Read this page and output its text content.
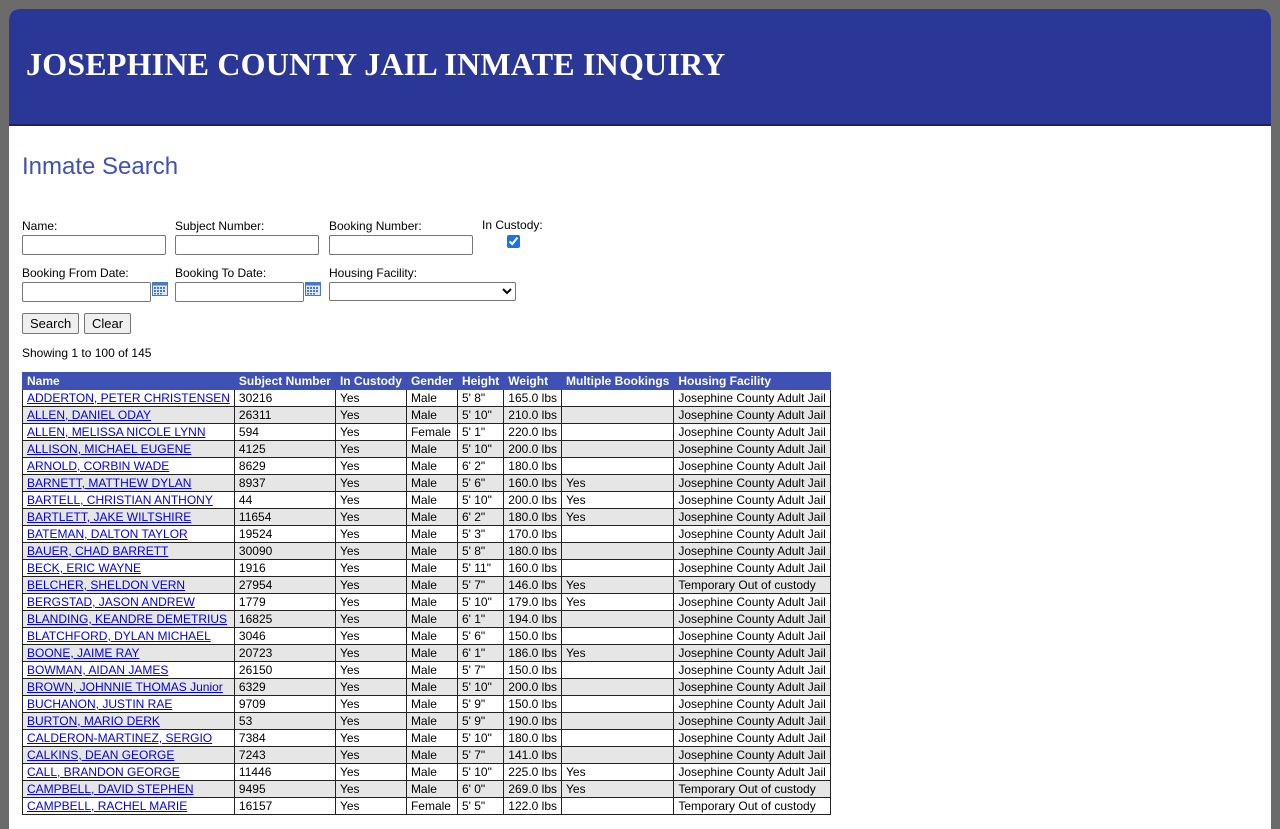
JOSEPHINE COUNTY JAIL INMATE INQUIRY
Inmate Search
Name:	Subject Number:	Booking Number:	In Custody:
Booking From Date:	Booking To Date:	Housing Facility:
Search	Clear
Showing 1 to 100 of 145
Name	Subject Number	In Custody	Gender	Height	Weight	Multiple Bookings	Housing Facility
ADDERTON, PETER CHRISTENSEN	30216	Yes	Male	5' 8"	165.0 lbs		Josephine County Adult Jail
ALLEN, DANIEL ODAY	26311	Yes	Male	5' 10"	210.0 lbs		Josephine County Adult Jail
ALLEN, MELISSA NICOLE LYNN	594	Yes	Female	5' 1"	220.0 lbs		Josephine County Adult Jail
ALLISON, MICHAEL EUGENE	4125	Yes	Male	5' 10"	200.0 lbs		Josephine County Adult Jail
ARNOLD, CORBIN WADE	8629	Yes	Male	6' 2"	180.0 lbs		Josephine County Adult Jail
BARNETT, MATTHEW DYLAN	8937	Yes	Male	5' 6"	160.0 lbs	Yes	Josephine County Adult Jail
BARTELL, CHRISTIAN ANTHONY	44	Yes	Male	5' 10"	200.0 lbs	Yes	Josephine County Adult Jail
BARTLETT, JAKE WILTSHIRE	11654	Yes	Male	6' 2"	180.0 lbs	Yes	Josephine County Adult Jail
BATEMAN, DALTON TAYLOR	19524	Yes	Male	5' 3"	170.0 lbs		Josephine County Adult Jail
BAUER, CHAD BARRETT	30090	Yes	Male	5' 8"	180.0 lbs		Josephine County Adult Jail
BECK, ERIC WAYNE	1916	Yes	Male	5' 11"	160.0 lbs		Josephine County Adult Jail
BELCHER, SHELDON VERN	27954	Yes	Male	5' 7"	146.0 lbs	Yes	Temporary Out of custody
BERGSTAD, JASON ANDREW	1779	Yes	Male	5' 10"	179.0 lbs	Yes	Josephine County Adult Jail
BLANDING, KEANDRE DEMETRIUS	16825	Yes	Male	6' 1"	194.0 lbs		Josephine County Adult Jail
BLATCHFORD, DYLAN MICHAEL	3046	Yes	Male	5' 6"	150.0 lbs		Josephine County Adult Jail
BOONE, JAIME RAY	20723	Yes	Male	6' 1"	186.0 lbs	Yes	Josephine County Adult Jail
BOWMAN, AIDAN JAMES	26150	Yes	Male	5' 7"	150.0 lbs		Josephine County Adult Jail
BROWN, JOHNNIE THOMAS Junior	6329	Yes	Male	5' 10"	200.0 lbs		Josephine County Adult Jail
BUCHANON, JUSTIN RAE	9709	Yes	Male	5' 9"	150.0 lbs		Josephine County Adult Jail
BURTON, MARIO DERK	53	Yes	Male	5' 9"	190.0 lbs		Josephine County Adult Jail
CALDERON-MARTINEZ, SERGIO	7384	Yes	Male	5' 10"	180.0 lbs		Josephine County Adult Jail
CALKINS, DEAN GEORGE	7243	Yes	Male	5' 7"	141.0 lbs		Josephine County Adult Jail
CALL, BRANDON GEORGE	11446	Yes	Male	5' 10"	225.0 lbs	Yes	Josephine County Adult Jail
CAMPBELL, DAVID STEPHEN	9495	Yes	Male	6' 0"	269.0 lbs	Yes	Temporary Out of custody
CAMPBELL, RACHEL MARIE	16157	Yes	Female	5' 5"	122.0 lbs		Temporary Out of custody
